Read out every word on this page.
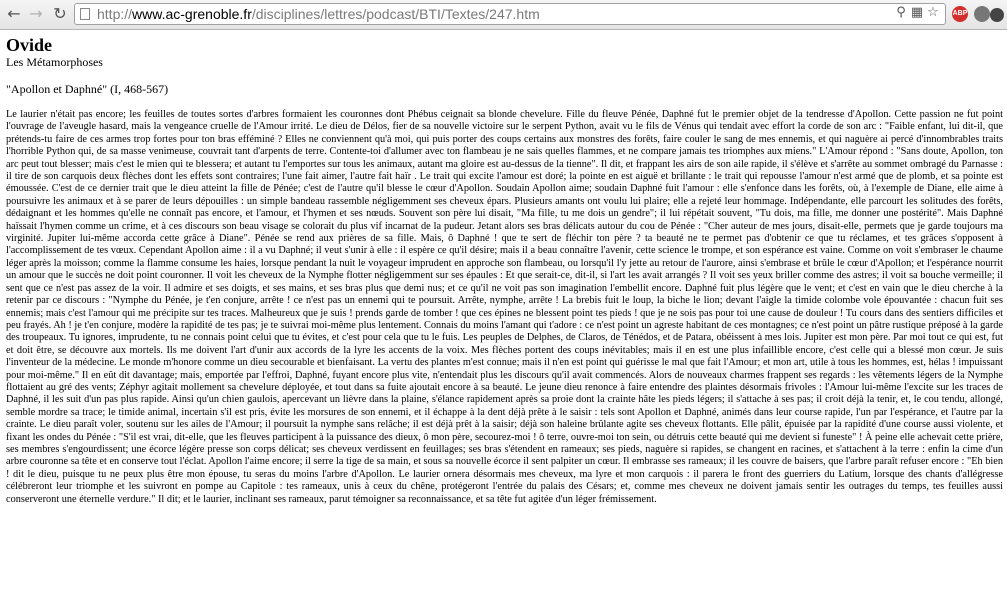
← → ↻ http://www.ac-grenoble.fr/disciplines/lettres/podcast/BTI/Textes/247.htm	⚲ ▦ ☆	ABP
Ovide
Les Métamorphoses
"Apollon et Daphné" (I, 468-567)

Le laurier n'était pas encore; les feuilles de toutes sortes d'arbres formaient les couronnes dont Phébus ceignait sa blonde chevelure. Fille du fleuve Pénée, Daphné fut le premier objet de la tendresse d'Apollon. Cette passion ne fut point l'ouvrage de l'aveugle hasard, mais la vengeance cruelle de l'Amour irrité. Le dieu de Délos, fier de sa nouvelle victoire sur le serpent Python, avait vu le fils de Vénus qui tendait avec effort la corde de son arc : "Faible enfant, lui dit-il, que prétends-tu faire de ces armes trop fortes pour ton bras efféminé ? Elles ne conviennent qu'à moi, qui puis porter des coups certains aux monstres des forêts, faire couler le sang de mes ennemis, et qui naguère ai percé d'innombrables traits l'horrible Python qui, de sa masse venimeuse, couvrait tant d'arpents de terre. Contente-toi d'allumer avec ton flambeau je ne sais quelles flammes, et ne compare jamais tes triomphes aux miens." L'Amour répond : "Sans doute, Apollon, ton arc peut tout blesser; mais c'est le mien qui te blessera; et autant tu l'emportes sur tous les animaux, autant ma gloire est au-dessus de la tienne". Il dit, et frappant les airs de son aile rapide, il s'élève et s'arrête au sommet ombragé du Parnasse : il tire de son carquois deux flèches dont les effets sont contraires; l'une fait aimer, l'autre fait haïr . Le trait qui excite l'amour est doré; la pointe en est aiguë et brillante : le trait qui repousse l'amour n'est armé que de plomb, et sa pointe est émoussée. C'est de ce dernier trait que le dieu atteint la fille de Pénée; c'est de l'autre qu'il blesse le cœur d'Apollon. Soudain Apollon aime; soudain Daphné fuit l'amour : elle s'enfonce dans les forêts, où, à l'exemple de Diane, elle aime à poursuivre les animaux et à se parer de leurs dépouilles : un simple bandeau rassemble négligemment ses cheveux épars. Plusieurs amants ont voulu lui plaire; elle a rejeté leur hommage. Indépendante, elle parcourt les solitudes des forêts, dédaignant et les hommes qu'elle ne connaît pas encore, et l'amour, et l'hymen et ses nœuds. Souvent son père lui disait, "Ma fille, tu me dois un gendre"; il lui répétait souvent, "Tu dois, ma fille, me donner une postérité". Mais Daphné haïssait l'hymen comme un crime, et à ces discours son beau visage se colorait du plus vif incarnat de la pudeur. Jetant alors ses bras délicats autour du cou de Pénée : "Cher auteur de mes jours, disait-elle, permets que je garde toujours ma virginité. Jupiter lui-même accorda cette grâce à Diane". Pénée se rend aux prières de sa fille. Mais, ô Daphné ! que te sert de fléchir ton père ? ta beauté ne te permet pas d'obtenir ce que tu réclames, et tes grâces s'opposent à l'accomplissement de tes vœux. Cependant Apollon aime : il a vu Daphné; il veut s'unir à elle : il espère ce qu'il désire; mais il a beau connaître l'avenir, cette science le trompe, et son espérance est vaine. Comme on voit s'embraser le chaume léger après la moisson; comme la flamme consume les haies, lorsque pendant la nuit le voyageur imprudent en approche son flambeau, ou lorsqu'il l'y jette au retour de l'aurore, ainsi s'embrase et brûle le cœur d'Apollon; et l'espérance nourrit un amour que le succès ne doit point couronner. Il voit les cheveux de la Nymphe flotter négligemment sur ses épaules : Et que serait-ce, dit-il, si l'art les avait arrangés ? Il voit ses yeux briller comme des astres; il voit sa bouche vermeille; il sent que ce n'est pas assez de la voir. Il admire et ses doigts, et ses mains, et ses bras plus que demi nus; et ce qu'il ne voit pas son imagination l'embellit encore. Daphné fuit plus légère que le vent; et c'est en vain que le dieu cherche à la retenir par ce discours : "Nymphe du Pénée, je t'en conjure, arrête ! ce n'est pas un ennemi qui te poursuit. Arrête, nymphe, arrête ! La brebis fuit le loup, la biche le lion; devant l'aigle la timide colombe vole épouvantée : chacun fuit ses ennemis; mais c'est l'amour qui me précipite sur tes traces. Malheureux que je suis ! prends garde de tomber ! que ces épines ne blessent point tes pieds ! que je ne sois pas pour toi une cause de douleur ! Tu cours dans des sentiers difficiles et peu frayés. Ah ! je t'en conjure, modère la rapidité de tes pas; je te suivrai moi-même plus lentement. Connais du moins l'amant qui t'adore : ce n'est point un agreste habitant de ces montagnes; ce n'est point un pâtre rustique préposé à la garde des troupeaux. Tu ignores, imprudente, tu ne connais point celui que tu évites, et c'est pour cela que tu le fuis. Les peuples de Delphes, de Claros, de Ténédos, et de Patara, obéissent à mes lois. Jupiter est mon père. Par moi tout ce qui est, fut et doit être, se découvre aux mortels. Ils me doivent l'art d'unir aux accords de la lyre les accents de la voix. Mes flèches portent des coups inévitables; mais il en est une plus infaillible encore, c'est celle qui a blessé mon cœur. Je suis l'inventeur de la médecine. Le monde m'honore comme un dieu secourable et bienfaisant. La vertu des plantes m'est connue; mais il n'en est point qui guérisse le mal que fait l'Amour; et mon art, utile à tous les hommes, est, hélas ! impuissant pour moi-même." Il en eût dit davantage; mais, emportée par l'effroi, Daphné, fuyant encore plus vite, n'entendait plus les discours qu'il avait commencés. Alors de nouveaux charmes frappent ses regards : les vêtements légers de la Nymphe flottaient au gré des vents; Zéphyr agitait mollement sa chevelure déployée, et tout dans sa fuite ajoutait encore à sa beauté. Le jeune dieu renonce à faire entendre des plaintes désormais frivoles : l'Amour lui-même l'excite sur les traces de Daphné, il les suit d'un pas plus rapide. Ainsi qu'un chien gaulois, apercevant un lièvre dans la plaine, s'élance rapidement après sa proie dont la crainte hâte les pieds légers; il s'attache à ses pas; il croit déjà la tenir, et, le cou tendu, allongé, semble mordre sa trace; le timide animal, incertain s'il est pris, évite les morsures de son ennemi, et il échappe à la dent déjà prête à le saisir : tels sont Apollon et Daphné, animés dans leur course rapide, l'un par l'espérance, et l'autre par la crainte. Le dieu paraît voler, soutenu sur les ailes de l'Amour; il poursuit la nymphe sans relâche; il est déjà prêt à la saisir; déjà son haleine brûlante agite ses cheveux flottants. Elle pâlit, épuisée par la rapidité d'une course aussi violente, et fixant les ondes du Pénée : "S'il est vrai, dit-elle, que les fleuves participent à la puissance des dieux, ô mon père, secourez-moi ! ô terre, ouvre-moi ton sein, ou détruis cette beauté qui me devient si funeste" ! À peine elle achevait cette prière, ses membres s'engourdissent; une écorce légère presse son corps délicat; ses cheveux verdissent en feuillages; ses bras s'étendent en rameaux; ses pieds, naguère si rapides, se changent en racines, et s'attachent à la terre : enfin la cime d'un arbre couronne sa tête et en conserve tout l'éclat. Apollon l'aime encore; il serre la tige de sa main, et sous sa nouvelle écorce il sent palpiter un cœur. Il embrasse ses rameaux; il les couvre de baisers, que l'arbre paraît refuser encore : "Eh bien ! dit le dieu, puisque tu ne peux plus être mon épouse, tu seras du moins l'arbre d'Apollon. Le laurier ornera désormais mes cheveux, ma lyre et mon carquois : il parera le front des guerriers du Latium, lorsque des chants d'allégresse célébreront leur triomphe et les suivront en pompe au Capitole : tes rameaux, unis à ceux du chêne, protégeront l'entrée du palais des Césars; et, comme mes cheveux ne doivent jamais sentir les outrages du temps, tes feuilles aussi conserveront une éternelle verdure." Il dit; et le laurier, inclinant ses rameaux, parut témoigner sa reconnaissance, et sa tête fut agitée d'un léger frémissement.
